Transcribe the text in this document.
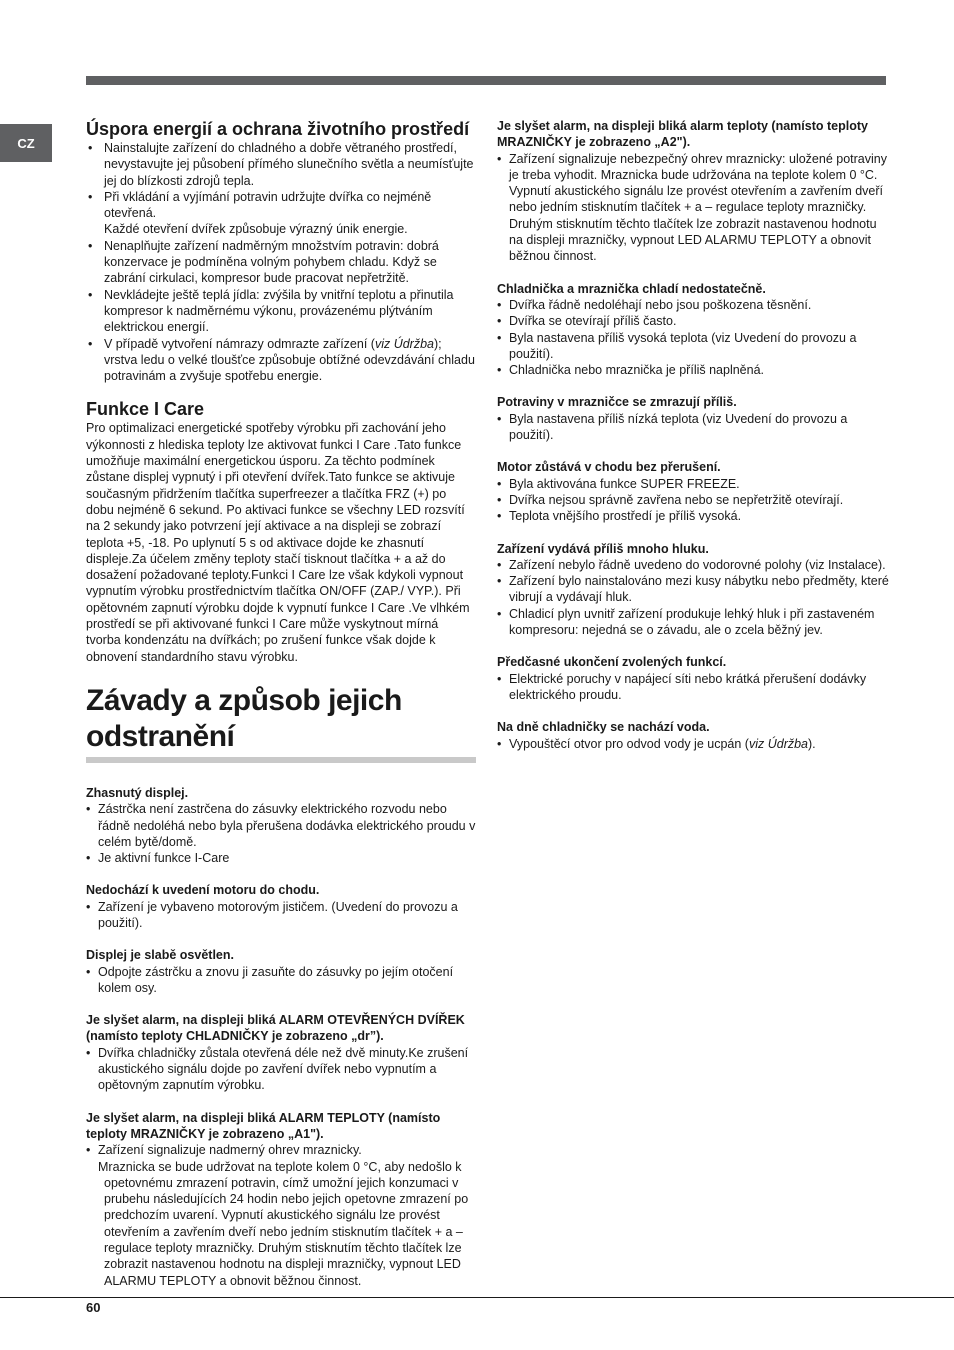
CZ
Úspora energií a ochrana životního prostředí
• Nainstalujte zařízení do chladného a dobře větraného prostředí, nevystavujte jej působení přímého slunečního světla a neumísťujte jej do blízkosti zdrojů tepla.
• Při vkládání a vyjímání potravin udržujte dvířka co nejméně otevřená.
Každé otevření dvířek způsobuje výrazný únik energie.
• Nenaplňujte zařízení nadměrným množstvím potravin: dobrá konzervace je podmíněna volným pohybem chladu. Když se zabrání cirkulaci, kompresor bude pracovat nepřetržitě.
• Nevkládejte ještě teplá jídla: zvýšila by vnitřní teplotu a přinutila kompresor k nadměrnému výkonu, provázenému plýtváním elektrickou energií.
• V případě vytvoření námrazy odmrazte zařízení (viz Údržba);
vrstva ledu o velké tloušťce způsobuje obtížné odevzdávání chladu potravinám a zvyšuje spotřebu energie.
Funkce I Care

Pro optimalizaci energetické spotřeby výrobku při zachování jeho výkonnosti z hlediska teploty lze aktivovat funkci I Care .Tato funkce umožňuje maximální energetickou úsporu. Za těchto podmínek zůstane displej vypnutý i při otevření dvířek.Tato funkce se aktivuje současným přidržením tlačítka superfreezer a tlačítka FRZ (+) po dobu nejméně 6 sekund. Po aktivaci funkce se všechny LED rozsvítí na 2 sekundy jako potvrzení její aktivace a na displeji se zobrazí teplota +5, -18. Po uplynutí 5 s od aktivace dojde ke zhasnutí displeje.Za účelem změny teploty stačí tisknout tlačítka + a až do dosažení požadované teploty.Funkci I Care lze však kdykoli vypnout vypnutím výrobku prostřednictvím tlačítka ON/OFF (ZAP./ VYP.). Při opětovném zapnutí výrobku dojde k vypnutí funkce I Care .Ve vlhkém prostředí se při aktivované funkci I Care může vyskytnout mírná tvorba kondenzátu na dvířkách; po zrušení funkce však dojde k obnovení standardního stavu výrobku.

Závady a způsob jejich odstranění

Zhasnutý displej.

• Zástrčka není zastrčena do zásuvky elektrického rozvodu nebo řádně nedoléhá nebo byla přerušena dodávka elektrického proudu v celém bytě/domě.
• Je aktivní funkce I-Care

Nedochází k uvedení motoru do chodu.

• Zařízení je vybaveno motorovým jističem. (Uvedení do provozu a použití).

Displej je slabě osvětlen.

• Odpojte zástrčku a znovu ji zasuňte do zásuvky po jejím otočení kolem osy.

Je slyšet alarm, na displeji bliká ALARM OTEVŘENÝCH DVÍŘEK (namísto teploty CHLADNIČKY je zobrazeno „dr”).

• Dvířka chladničky zůstala otevřená déle než dvě minuty.Ke zrušení akustického signálu dojde po zavření dvířek nebo vypnutím a opětovným zapnutím výrobku.

Je slyšet alarm, na displeji bliká ALARM TEPLOTY (namísto teploty MRAZNIČKY je zobrazeno „A1").

• Zařízení signalizuje nadmerný ohrev mraznicky.

Mraznicka se bude udržovat na teplote kolem 0 °C, aby nedošlo k

opetovnému zmrazení potravin, címž umožní jejich konzumaci v prubehu následujících 24 hodin nebo jejich opetovne zmrazení po predchozím uvarení. Vypnutí akustického signálu lze provést otevřením a zavřením dveří nebo jedním stisknutím tlačítek + a – regulace teploty mrazničky. Druhým stisknutím těchto tlačítek lze zobrazit nastavenou hodnotu na displeji mrazničky, vypnout LED ALARMU TEPLOTY a obnovit běžnou činnost.

Je slyšet alarm, na displeji bliká alarm teploty (namísto teploty MRAZNIČKY je zobrazeno „A2").

• Zařízení signalizuje nebezpečný ohrev mraznicky: uložené potraviny je treba vyhodit. Mraznicka bude udržována na teplote kolem 0 °C. Vypnutí akustického signálu lze provést otevřením a zavřením dveří nebo jedním stisknutím tlačítek + a – regulace teploty mrazničky. Druhým stisknutím těchto tlačítek lze zobrazit nastavenou hodnotu na displeji mrazničky, vypnout LED ALARMU TEPLOTY a obnovit běžnou činnost.

Chladnička a mraznička chladí nedostatečně.

• Dvířka řádně nedoléhají nebo jsou poškozena těsnění.
• Dvířka se otevírají příliš často.
• Byla nastavena příliš vysoká teplota (viz Uvedení do provozu a použití).
• Chladnička nebo mraznička je příliš naplněná.

Potraviny v mrazničce se zmrazují příliš.

• Byla nastavena příliš nízká teplota (viz Uvedení do provozu a použití).

Motor zůstává v chodu bez přerušení.

• Byla aktivována funkce SUPER FREEZE.
• Dvířka nejsou správně zavřena nebo se nepřetržitě otevírají.
• Teplota vnějšího prostředí je příliš vysoká.

Zařízení vydává příliš mnoho hluku.

• Zařízení nebylo řádně uvedeno do vodorovné polohy (viz Instalace).
• Zařízení bylo nainstalováno mezi kusy nábytku nebo předměty, které vibrují a vydávají hluk.
• Chladicí plyn uvnitř zařízení produkuje lehký hluk i při zastaveném kompresoru: nejedná se o závadu, ale o zcela běžný jev.

Předčasné ukončení zvolených funkcí.

• Elektrické poruchy v napájecí síti nebo krátká přerušení dodávky elektrického proudu.

Na dně chladničky se nachází voda.

• Vypouštěcí otvor pro odvod vody je ucpán (viz Údržba).
60
